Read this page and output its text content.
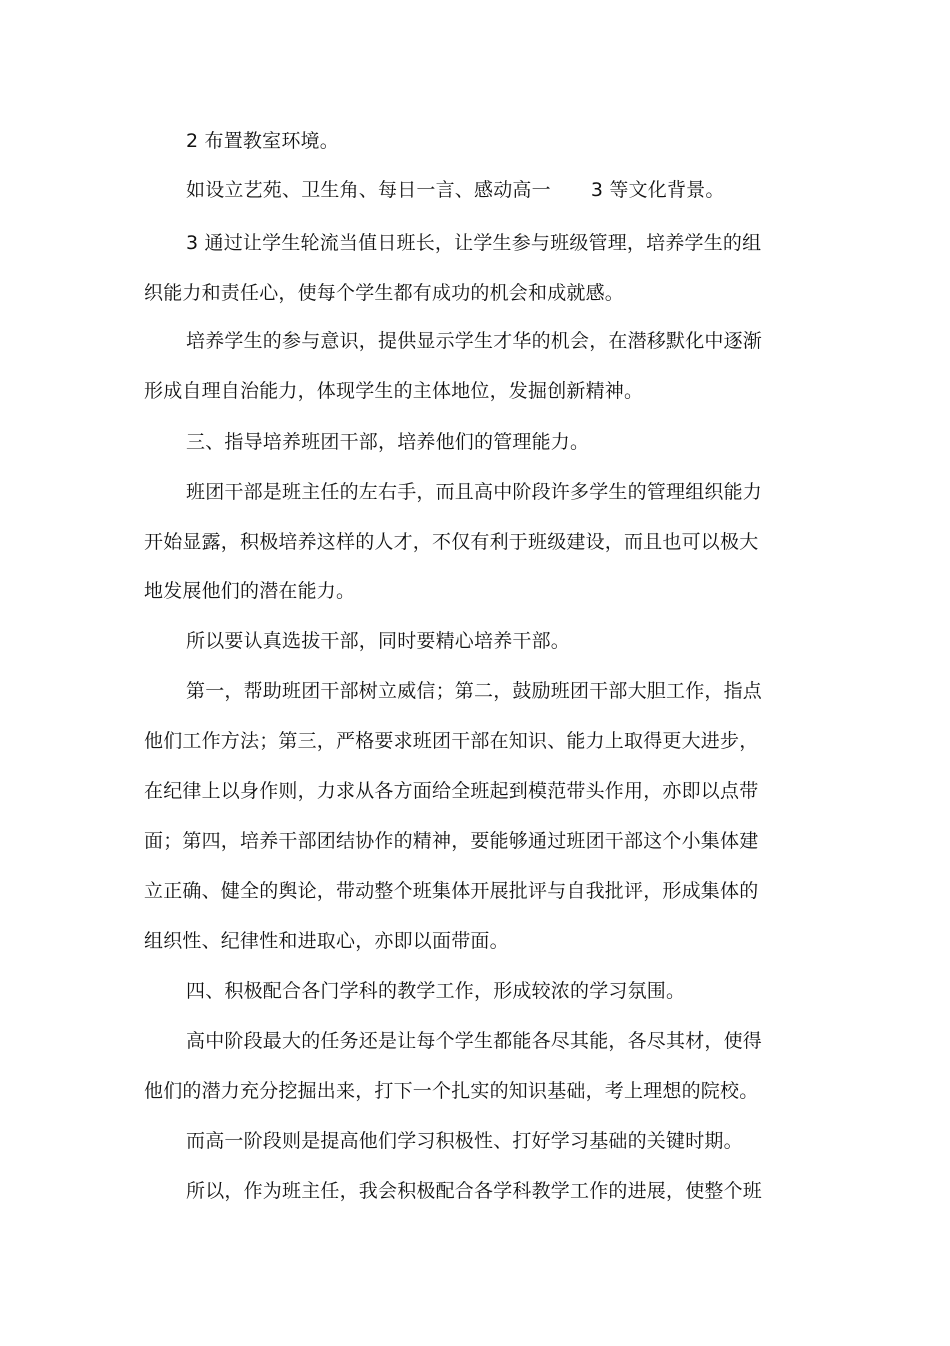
2 布置教室环境。
如设立艺苑、卫生角、每日一言、感动高一 3 等文化背景。
3 通过让学生轮流当值日班长，让学生参与班级管理，培养学生的组
织能力和责任心，使每个学生都有成功的机会和成就感。
培养学生的参与意识，提供显示学生才华的机会，在潜移默化中逐渐
形成自理自治能力，体现学生的主体地位，发掘创新精神。
三、指导培养班团干部，培养他们的管理能力。
班团干部是班主任的左右手，而且高中阶段许多学生的管理组织能力
开始显露，积极培养这样的人才，不仅有利于班级建设，而且也可以极大
地发展他们的潜在能力。
所以要认真选拔干部，同时要精心培养干部。
第一，帮助班团干部树立威信；第二，鼓励班团干部大胆工作，指点
他们工作方法；第三，严格要求班团干部在知识、能力上取得更大进步，
在纪律上以身作则，力求从各方面给全班起到模范带头作用，亦即以点带
面；第四，培养干部团结协作的精神，要能够通过班团干部这个小集体建
立正确、健全的舆论，带动整个班集体开展批评与自我批评，形成集体的
组织性、纪律性和进取心，亦即以面带面。
四、积极配合各门学科的教学工作，形成较浓的学习氛围。
高中阶段最大的任务还是让每个学生都能各尽其能，各尽其材，使得
他们的潜力充分挖掘出来，打下一个扎实的知识基础，考上理想的院校。
而高一阶段则是提高他们学习积极性、打好学习基础的关键时期。
所以，作为班主任，我会积极配合各学科教学工作的进展，使整个班
